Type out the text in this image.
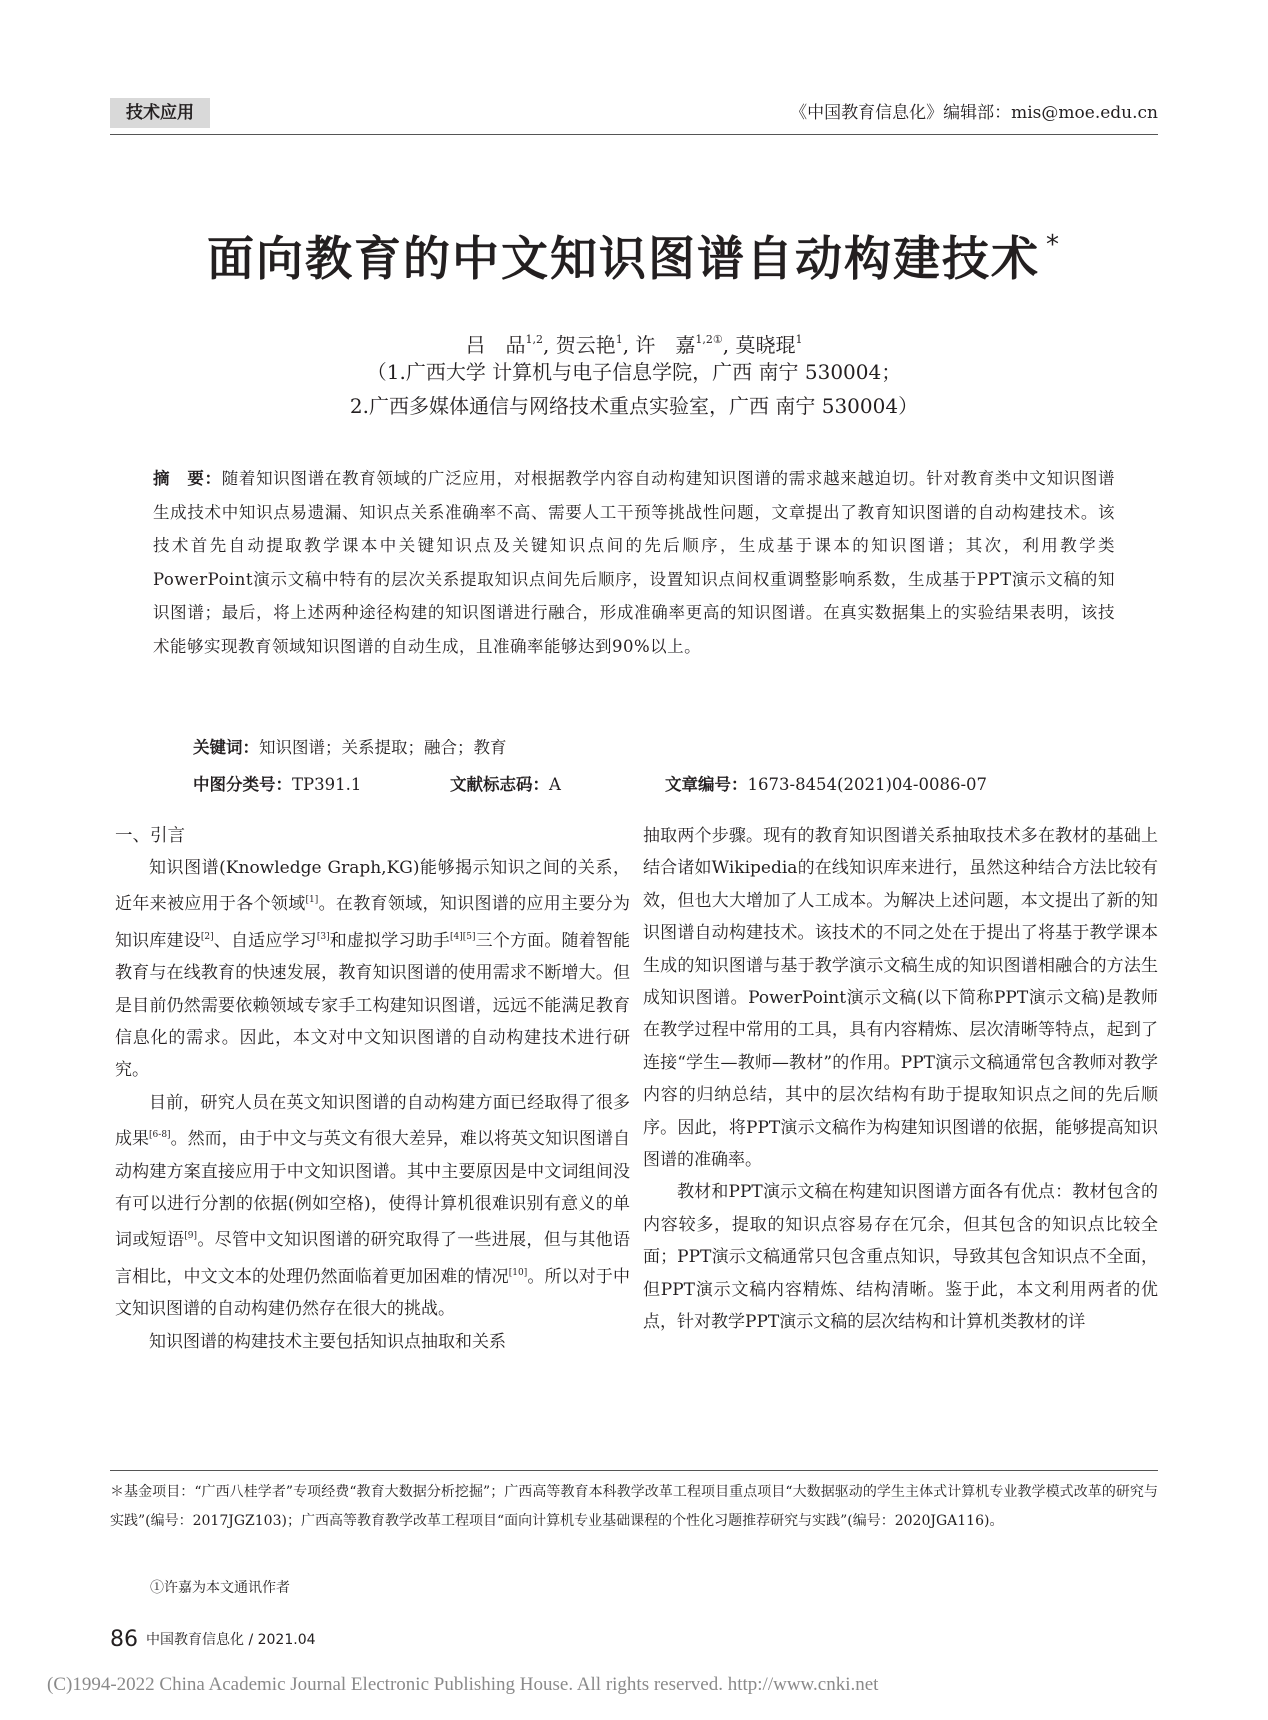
技术应用	《中国教育信息化》编辑部：mis@moe.edu.cn
面向教育的中文知识图谱自动构建技术 *
吕　品$^{1,2}$, 贺云艳$^1$, 许　嘉$^{1,2①}$, 莫晓琨$^1$
（1.广西大学 计算机与电子信息学院，广西 南宁 530004；
2.广西多媒体通信与网络技术重点实验室，广西 南宁 530004）
摘　要：随着知识图谱在教育领域的广泛应用，对根据教学内容自动构建知识图谱的需求越来越迫切。针对教育类中文知识图谱生成技术中知识点易遗漏、知识点关系准确率不高、需要人工干预等挑战性问题，文章提出了教育知识图谱的自动构建技术。该技术首先自动提取教学课本中关键知识点及关键知识点间的先后顺序，生成基于课本的知识图谱；其次，利用教学类PowerPoint演示文稿中特有的层次关系提取知识点间先后顺序，设置知识点间权重调整影响系数，生成基于PPT演示文稿的知识图谱；最后，将上述两种途径构建的知识图谱进行融合，形成准确率更高的知识图谱。在真实数据集上的实验结果表明，该技术能够实现教育领域知识图谱的自动生成，且准确率能够达到90%以上。
关键词：知识图谱；关系提取；融合；教育
中图分类号：TP391.1	文献标志码：A	文章编号：1673-8454(2021)04-0086-07
一、引言

知识图谱(Knowledge Graph,KG)能够揭示知识之间的关系，近年来被应用于各个领域[1]。在教育领域，知识图谱的应用主要分为知识库建设[2]、自适应学习[3]和虚拟学习助手[4][5]三个方面。随着智能教育与在线教育的快速发展，教育知识图谱的使用需求不断增大。但是目前仍然需要依赖领域专家手工构建知识图谱，远远不能满足教育信息化的需求。因此，本文对中文知识图谱的自动构建技术进行研究。

目前，研究人员在英文知识图谱的自动构建方面已经取得了很多成果[6-8]。然而，由于中文与英文有很大差异，难以将英文知识图谱自动构建方案直接应用于中文知识图谱。其中主要原因是中文词组间没有可以进行分割的依据(例如空格)，使得计算机很难识别有意义的单词或短语[9]。尽管中文知识图谱的研究取得了一些进展，但与其他语言相比，中文文本的处理仍然面临着更加困难的情况[10]。所以对于中文知识图谱的自动构建仍然存在很大的挑战。

知识图谱的构建技术主要包括知识点抽取和关系

抽取两个步骤。现有的教育知识图谱关系抽取技术多在教材的基础上结合诸如Wikipedia的在线知识库来进行，虽然这种结合方法比较有效，但也大大增加了人工成本。为解决上述问题，本文提出了新的知识图谱自动构建技术。该技术的不同之处在于提出了将基于教学课本生成的知识图谱与基于教学演示文稿生成的知识图谱相融合的方法生成知识图谱。PowerPoint演示文稿(以下简称PPT演示文稿)是教师在教学过程中常用的工具，具有内容精炼、层次清晰等特点，起到了连接“学生—教师—教材”的作用。PPT演示文稿通常包含教师对教学内容的归纳总结，其中的层次结构有助于提取知识点之间的先后顺序。因此，将PPT演示文稿作为构建知识图谱的依据，能够提高知识图谱的准确率。

教材和PPT演示文稿在构建知识图谱方面各有优点：教材包含的内容较多，提取的知识点容易存在冗余，但其包含的知识点比较全面；PPT演示文稿通常只包含重点知识，导致其包含知识点不全面，但PPT演示文稿内容精炼、结构清晰。鉴于此，本文利用两者的优点，针对教学PPT演示文稿的层次结构和计算机类教材的详

＊基金项目：“广西八桂学者”专项经费“教育大数据分析挖掘”；广西高等教育本科教学改革工程项目重点项目“大数据驱动的学生主体式计算机专业教学模式改革的研究与实践”(编号：2017JGZ103)；广西高等教育教学改革工程项目“面向计算机专业基础课程的个性化习题推荐研究与实践”(编号：2020JGA116)。

①许嘉为本文通讯作者
86 中国教育信息化 / 2021.04
(C)1994-2022 China Academic Journal Electronic Publishing House. All rights reserved. http://www.cnki.net
